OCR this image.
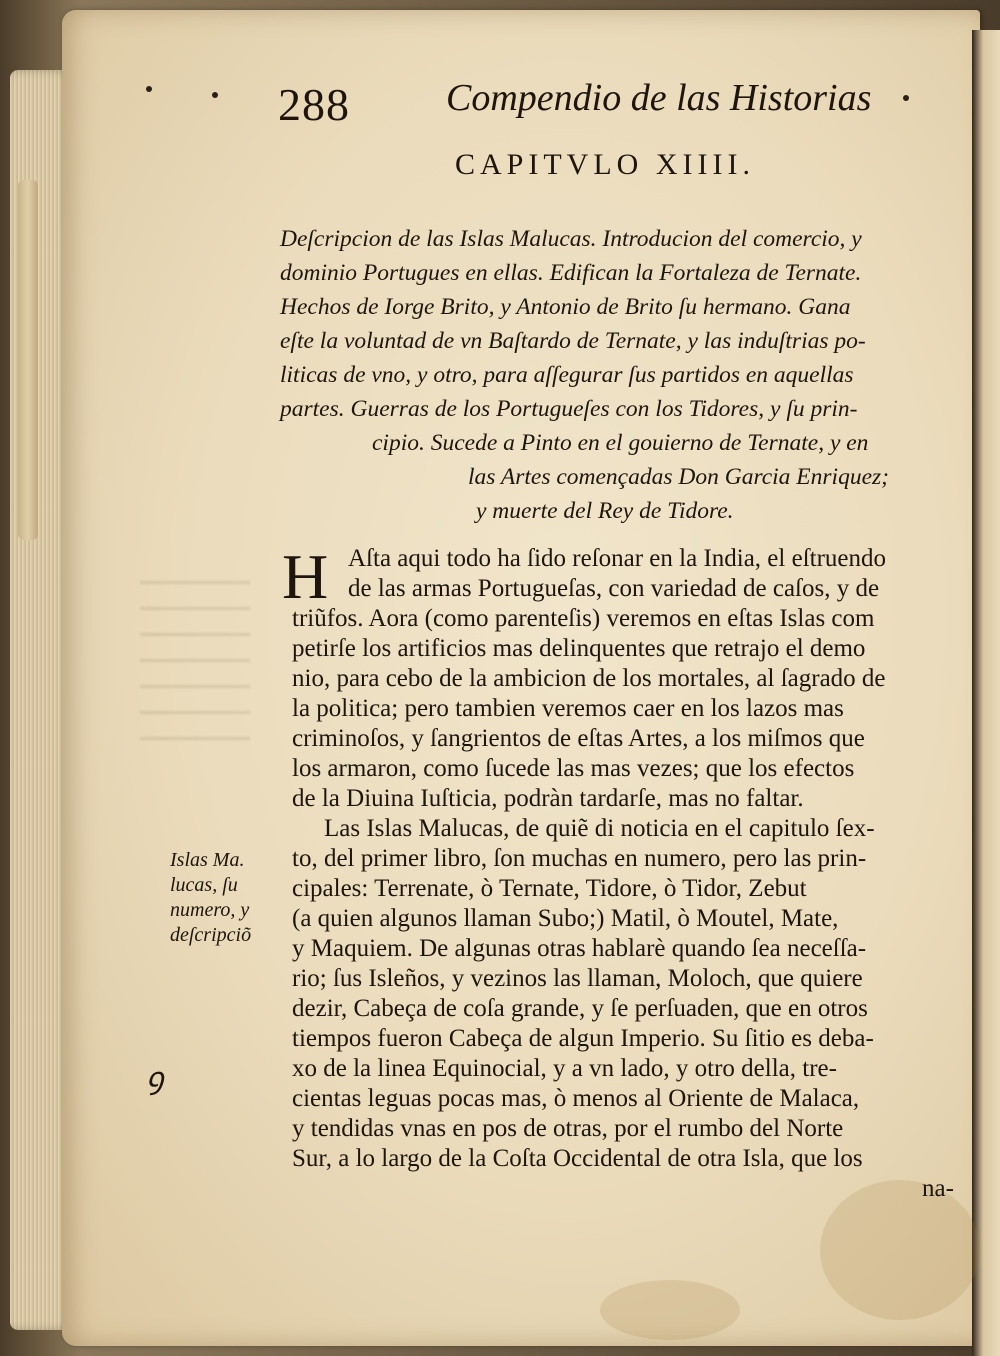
288	Compendio de las Historias
CAPITVLO XIIII.
Deſcripcion de las Islas Malucas. Introducion del comercio, y
dominio Portugues en ellas. Edifican la Fortaleza de Ternate.
Hechos de Iorge Brito, y Antonio de Brito ſu hermano. Gana
eſte la voluntad de vn Baſtardo de Ternate, y las induſtrias po-
liticas de vno, y otro, para aſſegurar ſus partidos en aquellas
partes. Guerras de los Portugueſes con los Tidores, y ſu prin-
cipio. Sucede a Pinto en el gouierno de Ternate, y en
las Artes començadas Don Garcia Enriquez;
y muerte del Rey de Tidore.
H Aſta aqui todo ha ſido reſonar en la India, el eſtruendo
de las armas Portugueſas, con variedad de caſos, y de
triũfos. Aora (como parenteſis) veremos en eſtas Islas com
petirſe los artificios mas delinquentes que retrajo el demo
nio, para cebo de la ambicion de los mortales, al ſagrado de
la politica; pero tambien veremos caer en los lazos mas
criminoſos, y ſangrientos de eſtas Artes, a los miſmos que
los armaron, como ſucede las mas vezes; que los efectos
de la Diuina Iuſticia, podràn tardarſe, mas no faltar.
Las Islas Malucas, de quiẽ di noticia en el capitulo ſex-
to, del primer libro, ſon muchas en numero, pero las prin-
cipales: Terrenate, ò Ternate, Tidore, ò Tidor, Zebut
(a quien algunos llaman Subo;) Matil, ò Moutel, Mate,
y Maquiem. De algunas otras hablarè quando ſea neceſſa-
rio; ſus Isleños, y vezinos las llaman, Moloch, que quiere
dezir, Cabeça de coſa grande, y ſe perſuaden, que en otros
tiempos fueron Cabeça de algun Imperio. Su ſitio es deba-
xo de la linea Equinocial, y a vn lado, y otro della, tre-
cientas leguas pocas mas, ò menos al Oriente de Malaca,
y tendidas vnas en pos de otras, por el rumbo del Norte
Sur, a lo largo de la Coſta Occidental de otra Isla, que los
na-
Islas Ma.
lucas, ſu
numero, y
deſcripciõ
ꝯ
